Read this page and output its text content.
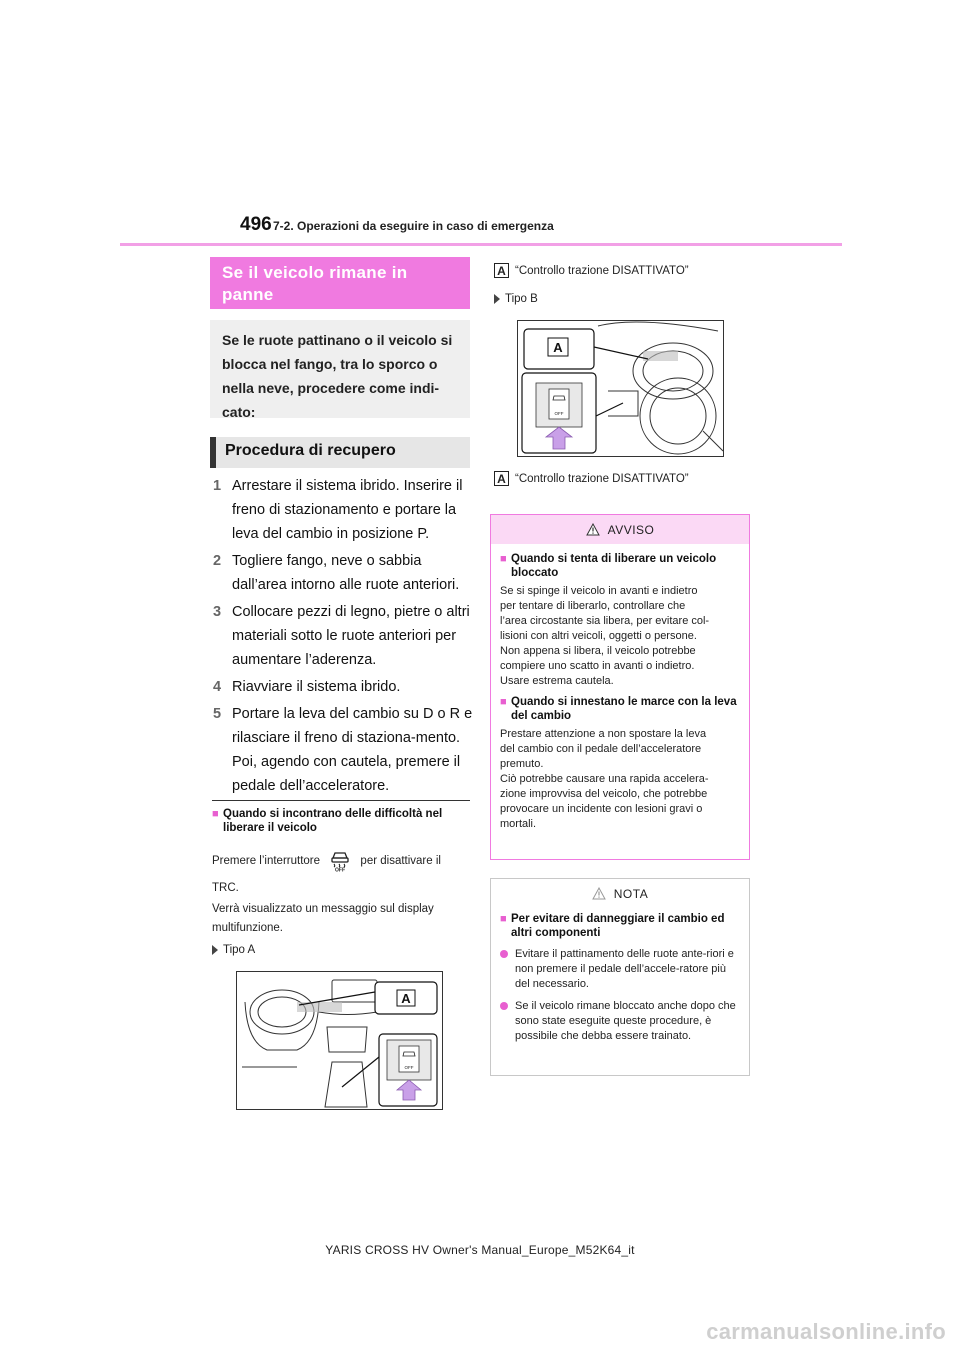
496 7-2. Operazioni da eseguire in caso di emergenza
Se il veicolo rimane in panne
Se le ruote pattinano o il veicolo si blocca nel fango, tra lo sporco o nella neve, procedere come indi-cato:
Procedura di recupero
1 Arrestare il sistema ibrido. Inserire il freno di stazionamento e portare la leva del cambio in posizione P.
2 Togliere fango, neve o sabbia dall’area intorno alle ruote anteriori.
3 Collocare pezzi di legno, pietre o altri materiali sotto le ruote anteriori per aumentare l’aderenza.
4 Riavviare il sistema ibrido.
5 Portare la leva del cambio su D o R e rilasciare il freno di staziona-mento. Poi, agendo con cautela, premere il pedale dell’acceleratore.
■ Quando si incontrano delle difficoltà nel liberare il veicolo
Premere l’interruttore
OFF
per disattivare il
TRC.
Verrà visualizzato un messaggio sul display
multifunzione.
Tipo A
A
OFF
A “Controllo trazione DISATTIVATO”
Tipo B
A
OFF
A “Controllo trazione DISATTIVATO”
AVVISO
■ Quando si tenta di liberare un veicolo bloccato
Se si spinge il veicolo in avanti e indietro
per tentare di liberarlo, controllare che
l’area circostante sia libera, per evitare col-
lisioni con altri veicoli, oggetti o persone.
Non appena si libera, il veicolo potrebbe
compiere uno scatto in avanti o indietro.
Usare estrema cautela.
■ Quando si innestano le marce con la leva del cambio
Prestare attenzione a non spostare la leva
del cambio con il pedale dell’acceleratore
premuto.
Ciò potrebbe causare una rapida accelera-
zione improvvisa del veicolo, che potrebbe
provocare un incidente con lesioni gravi o
mortali.
NOTA
■ Per evitare di danneggiare il cambio ed altri componenti
Evitare il pattinamento delle ruote ante-riori e non premere il pedale dell’accele-ratore più del necessario.
Se il veicolo rimane bloccato anche dopo che sono state eseguite queste procedure, è possibile che debba essere trainato.
YARIS CROSS HV Owner's Manual_Europe_M52K64_it
carmanualsonline.info
